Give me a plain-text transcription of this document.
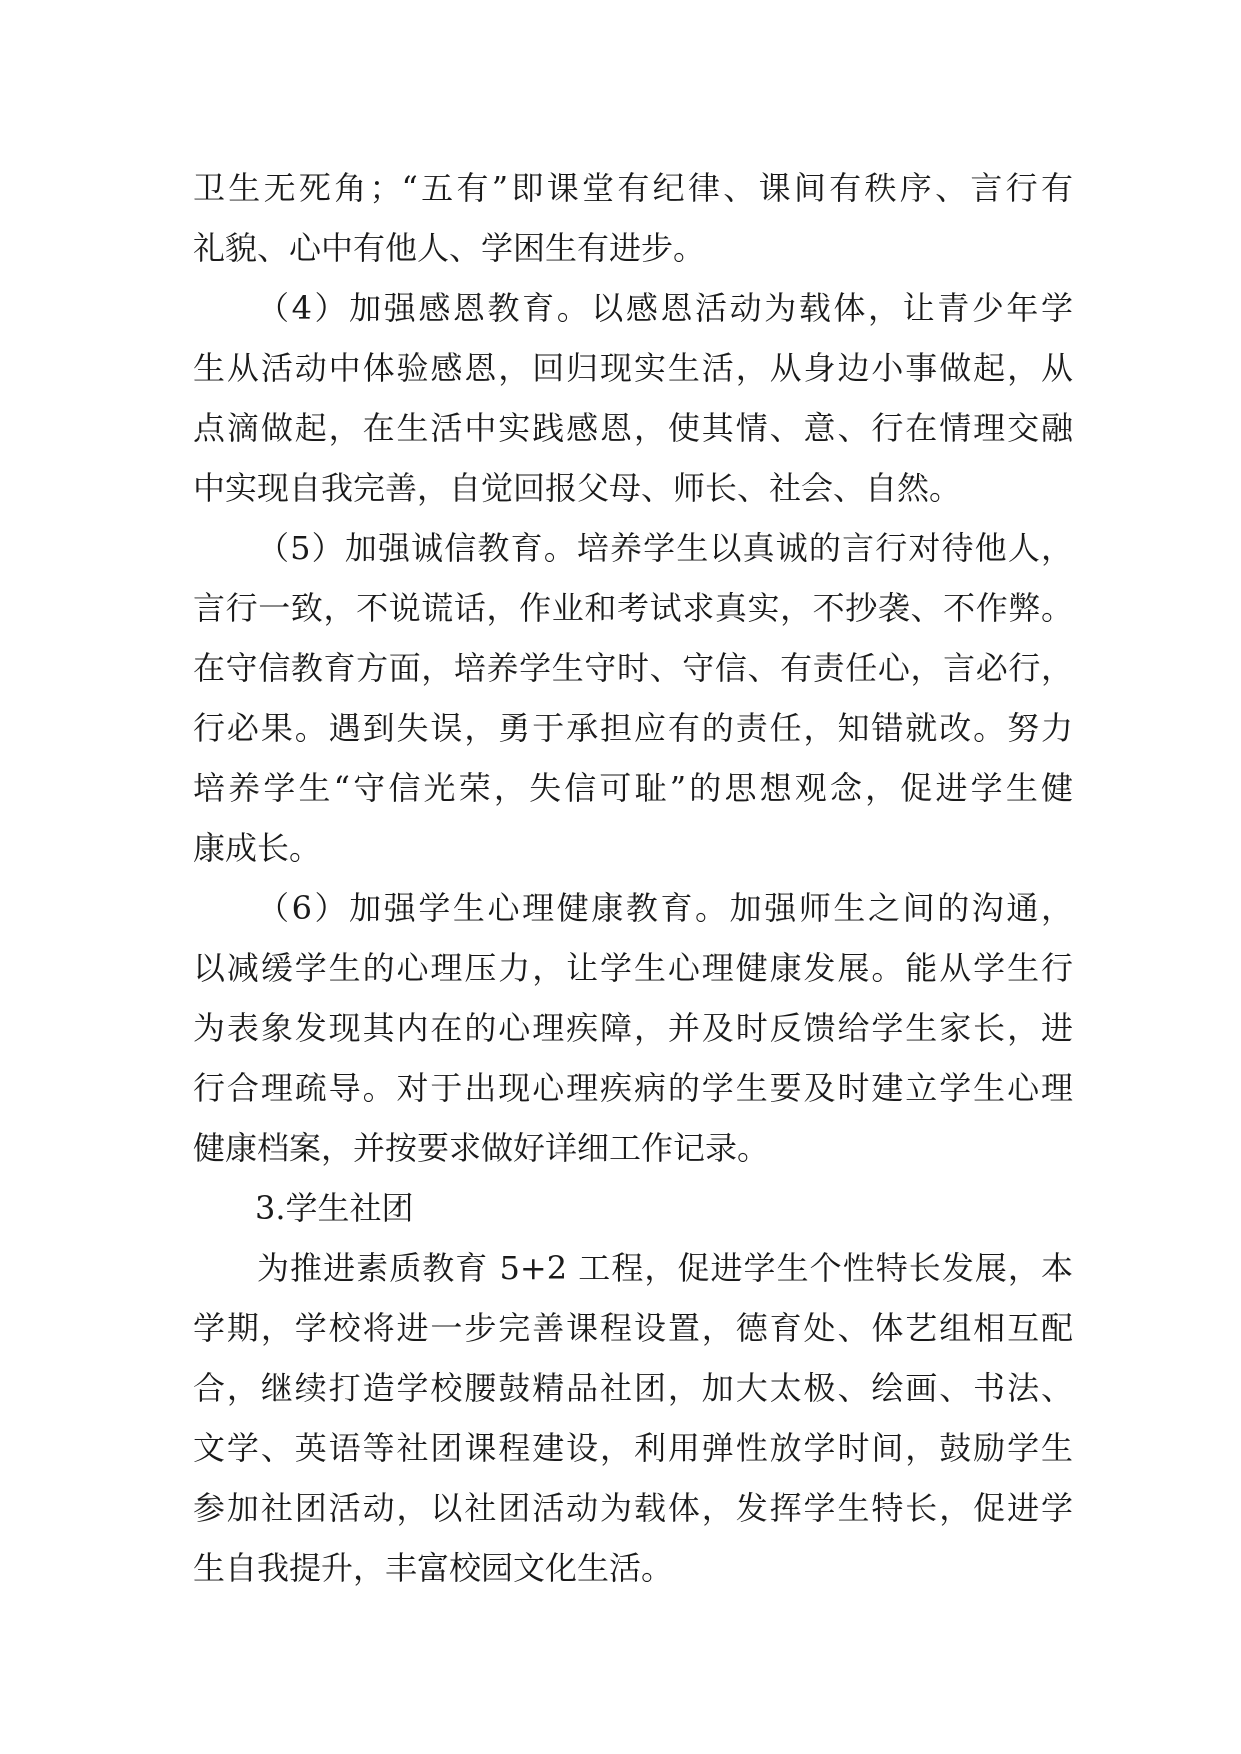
卫生无死角；“五有”即课堂有纪律、课间有秩序、言行有
礼貌、心中有他人、学困生有进步。
（4）加强感恩教育。以感恩活动为载体，让青少年学
生从活动中体验感恩，回归现实生活，从身边小事做起，从
点滴做起，在生活中实践感恩，使其情、意、行在情理交融
中实现自我完善，自觉回报父母、师长、社会、自然。
（5）加强诚信教育。培养学生以真诚的言行对待他人，
言行一致，不说谎话，作业和考试求真实，不抄袭、不作弊。
在守信教育方面，培养学生守时、守信、有责任心，言必行，
行必果。遇到失误，勇于承担应有的责任，知错就改。努力
培养学生“守信光荣，失信可耻”的思想观念，促进学生健
康成长。
（6）加强学生心理健康教育。加强师生之间的沟通，
以减缓学生的心理压力，让学生心理健康发展。能从学生行
为表象发现其内在的心理疾障，并及时反馈给学生家长，进
行合理疏导。对于出现心理疾病的学生要及时建立学生心理
健康档案，并按要求做好详细工作记录。
3.学生社团
为推进素质教育 5+2 工程，促进学生个性特长发展，本
学期，学校将进一步完善课程设置，德育处、体艺组相互配
合，继续打造学校腰鼓精品社团，加大太极、绘画、书法、
文学、英语等社团课程建设，利用弹性放学时间，鼓励学生
参加社团活动，以社团活动为载体，发挥学生特长，促进学
生自我提升，丰富校园文化生活。
